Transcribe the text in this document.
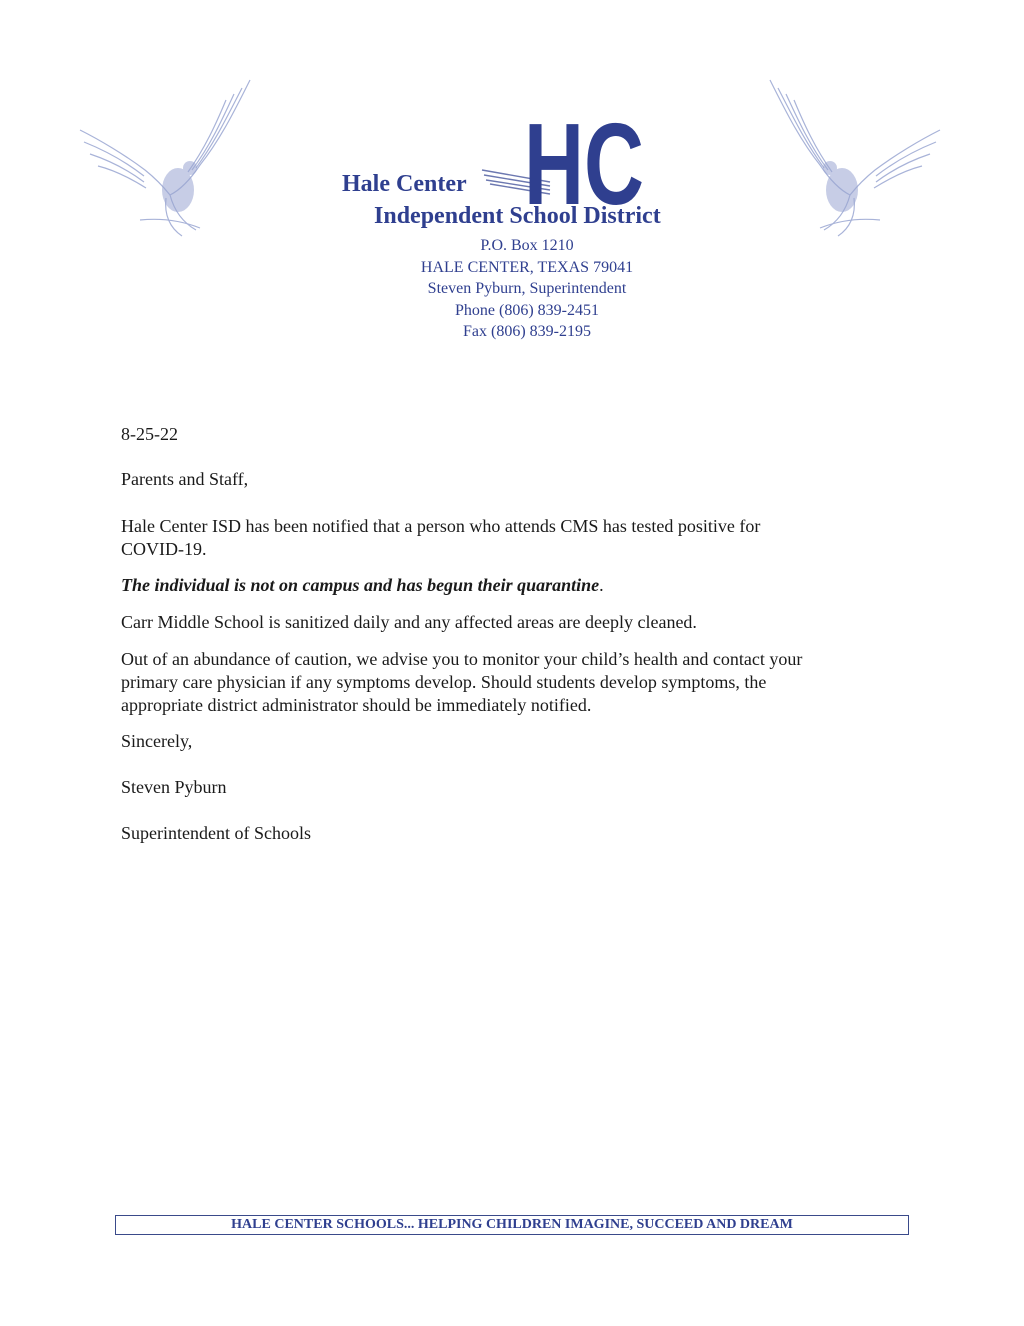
HC
Hale Center
Independent School District
P.O. Box 1210
HALE CENTER, TEXAS 79041
Steven Pyburn, Superintendent
Phone (806) 839-2451
Fax (806) 839-2195
8-25-22
Parents and Staff,
Hale Center ISD has been notified that a person who attends CMS has tested positive for
COVID-19.
The individual is not on campus and has begun their quarantine.
Carr Middle School is sanitized daily and any affected areas are deeply cleaned.
Out of an abundance of caution, we advise you to monitor your child’s health and contact your
primary care physician if any symptoms develop. Should students develop symptoms, the
appropriate district administrator should be immediately notified.
Sincerely,
Steven Pyburn
Superintendent of Schools
HALE CENTER SCHOOLS... HELPING CHILDREN IMAGINE, SUCCEED AND DREAM
